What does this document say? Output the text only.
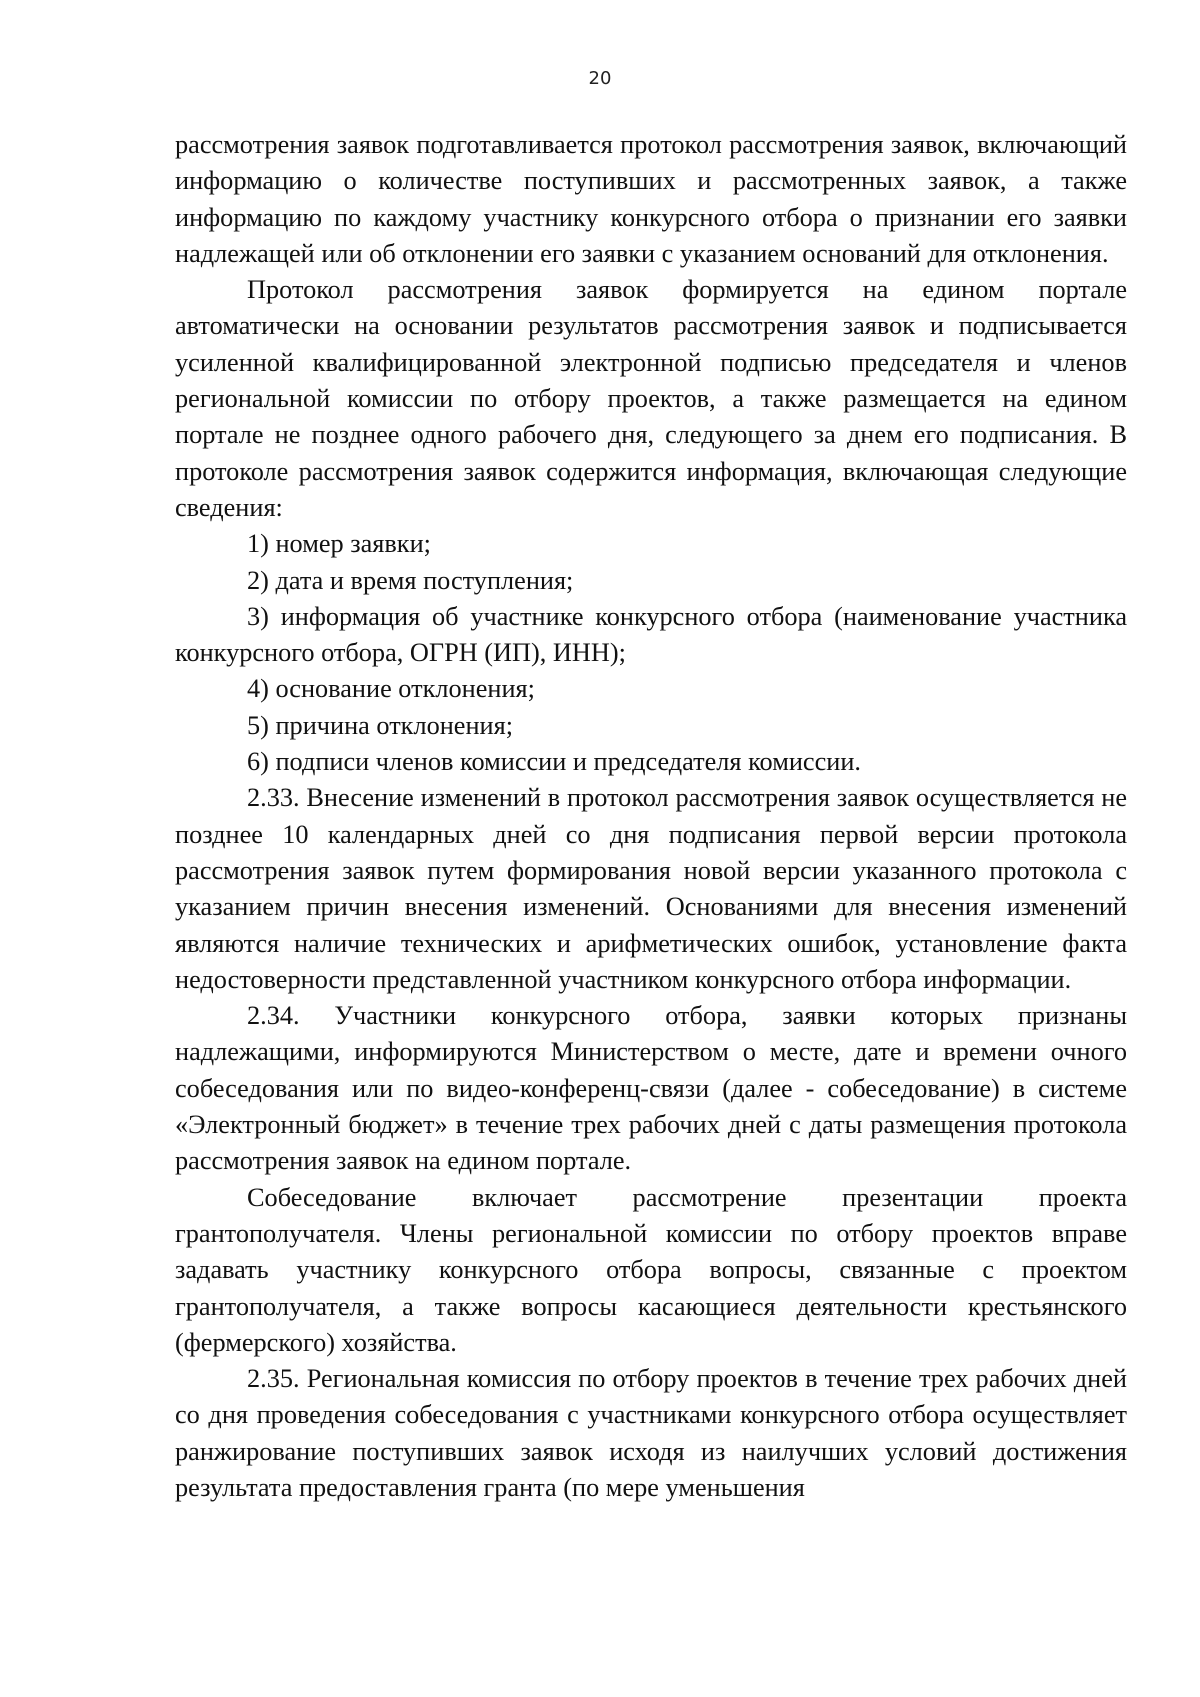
20

рассмотрения заявок подготавливается протокол рассмотрения заявок, включающий информацию о количестве поступивших и рассмотренных заявок, а также информацию по каждому участнику конкурсного отбора о признании его заявки надлежащей или об отклонении его заявки с указанием оснований для отклонения.

Протокол рассмотрения заявок формируется на едином портале автоматически на основании результатов рассмотрения заявок и подписывается усиленной квалифицированной электронной подписью председателя и членов региональной комиссии по отбору проектов, а также размещается на едином портале не позднее одного рабочего дня, следующего за днем его подписания. В протоколе рассмотрения заявок содержится информация, включающая следующие сведения:

1) номер заявки;

2) дата и время поступления;

3) информация об участнике конкурсного отбора (наименование участника конкурсного отбора, ОГРН (ИП), ИНН);

4) основание отклонения;

5) причина отклонения;

6) подписи членов комиссии и председателя комиссии.

2.33. Внесение изменений в протокол рассмотрения заявок осуществляется не позднее 10 календарных дней со дня подписания первой версии протокола рассмотрения заявок путем формирования новой версии указанного протокола с указанием причин внесения изменений. Основаниями для внесения изменений являются наличие технических и арифметических ошибок, установление факта недостоверности представленной участником конкурсного отбора информации.

2.34. Участники конкурсного отбора, заявки которых признаны надлежащими, информируются Министерством о месте, дате и времени очного собеседования или по видео-конференц-связи (далее - собеседование) в системе «Электронный бюджет» в течение трех рабочих дней с даты размещения протокола рассмотрения заявок на едином портале.

Собеседование включает рассмотрение презентации проекта грантополучателя. Члены региональной комиссии по отбору проектов вправе задавать участнику конкурсного отбора вопросы, связанные с проектом грантополучателя, а также вопросы касающиеся деятельности крестьянского (фермерского) хозяйства.

2.35. Региональная комиссия по отбору проектов в течение трех рабочих дней со дня проведения собеседования с участниками конкурсного отбора осуществляет ранжирование поступивших заявок исходя из наилучших условий достижения результата предоставления гранта (по мере уменьшения
